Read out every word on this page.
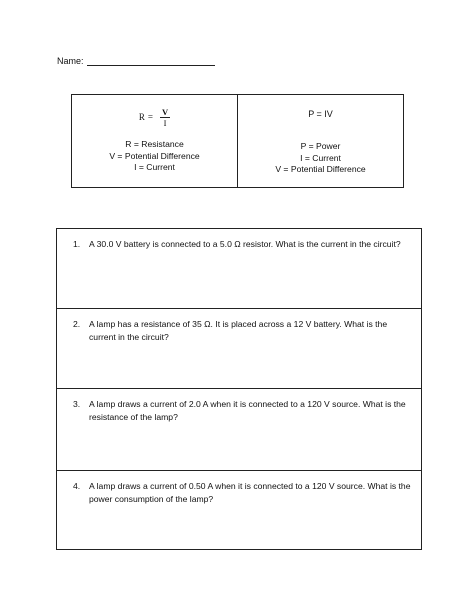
Name:
$R = \frac{V}{I}$
R = Resistance
V = Potential Difference
I = Current
P = IV
P = Power
I = Current
V = Potential Difference
1.	A 30.0 V battery is connected to a 5.0 Ω resistor. What is the current in the circuit?
2.	A lamp has a resistance of 35 Ω. It is placed across a 12 V battery. What is the current in the circuit?
3.	A lamp draws a current of 2.0 A when it is connected to a 120 V source. What is the resistance of the lamp?
4.	A lamp draws a current of 0.50 A when it is connected to a 120 V source. What is the power consumption of the lamp?
